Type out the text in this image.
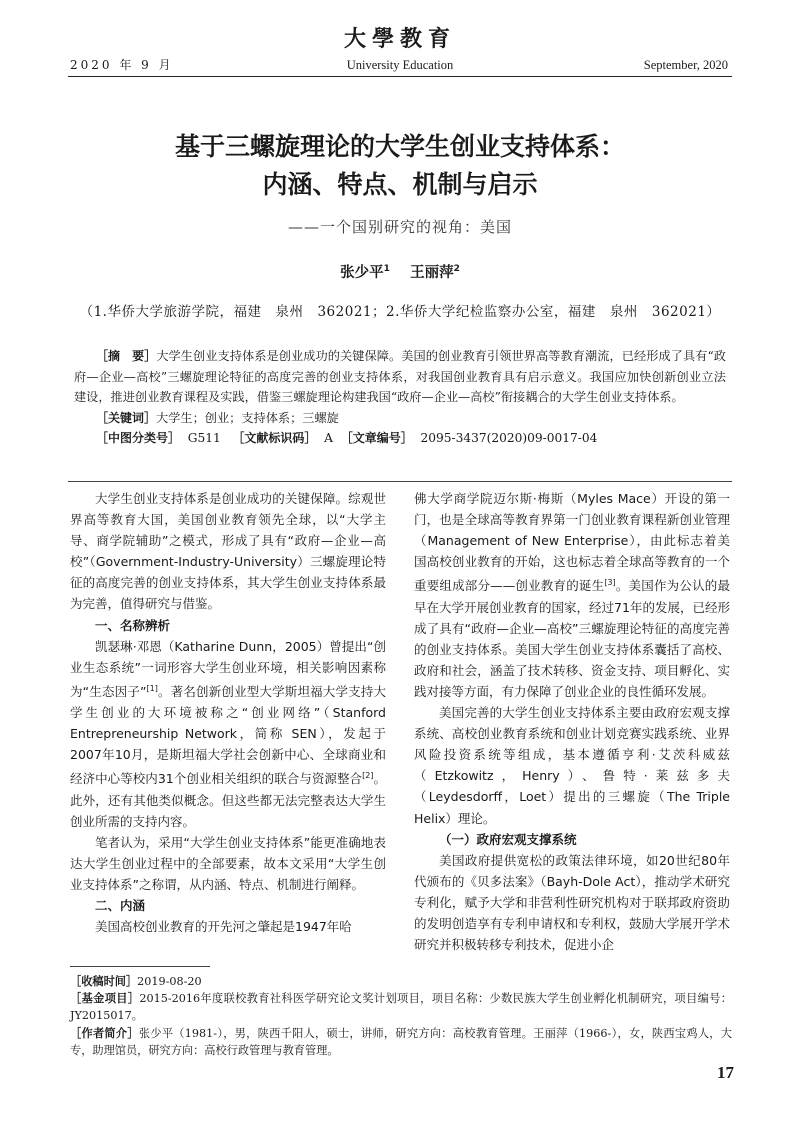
大學教育
2020 年 9 月	University Education	September, 2020
基于三螺旋理论的大学生创业支持体系：
内涵、特点、机制与启示
——一个国别研究的视角：美国
张少平$^1$ 王丽萍$^2$
（1.华侨大学旅游学院，福建　泉州　362021；2.华侨大学纪检监察办公室，福建　泉州　362021）

［摘　要］大学生创业支持体系是创业成功的关键保障。美国的创业教育引领世界高等教育潮流，已经形成了具有“政府—企业—高校”三螺旋理论特征的高度完善的创业支持体系，对我国创业教育具有启示意义。我国应加快创新创业立法建设，推进创业教育课程及实践，借鉴三螺旋理论构建我国“政府—企业—高校”衔接耦合的大学生创业支持体系。

［关键词］大学生；创业；支持体系；三螺旋

［中图分类号］ G511 ［文献标识码］ A ［文章编号］ 2095-3437(2020)09-0017-04

大学生创业支持体系是创业成功的关键保障。综观世界高等教育大国，美国创业教育领先全球，以“大学主导、商学院辅助”之模式，形成了具有“政府—企业—高校”（Government-Industry-University）三螺旋理论特征的高度完善的创业支持体系，其大学生创业支持体系最为完善，值得研究与借鉴。

一、名称辨析

凯瑟琳·邓恩（Katharine Dunn，2005）曾提出“创业生态系统”一词形容大学生创业环境，相关影响因素称为“生态因子”[1]。著名创新创业型大学斯坦福大学支持大学生创业的大环境被称之“创业网络”（Stanford Entrepreneurship Network，简称 SEN），发起于2007年10月，是斯坦福大学社会创新中心、全球商业和经济中心等校内31个创业相关组织的联合与资源整合[2]。此外，还有其他类似概念。但这些都无法完整表达大学生创业所需的支持内容。

笔者认为，采用“大学生创业支持体系”能更准确地表达大学生创业过程中的全部要素，故本文采用“大学生创业支持体系”之称谓，从内涵、特点、机制进行阐释。

二、内涵

美国高校创业教育的开先河之肇起是1947年哈

佛大学商学院迈尔斯·梅斯（Myles Mace）开设的第一门，也是全球高等教育界第一门创业教育课程新创业管理（Management of New Enterprise），由此标志着美国高校创业教育的开始，这也标志着全球高等教育的一个重要组成部分——创业教育的诞生[3]。美国作为公认的最早在大学开展创业教育的国家，经过71年的发展，已经形成了具有“政府—企业—高校”三螺旋理论特征的高度完善的创业支持体系。美国大学生创业支持体系囊括了高校、政府和社会，涵盖了技术转移、资金支持、项目孵化、实践对接等方面，有力保障了创业企业的良性循环发展。

美国完善的大学生创业支持体系主要由政府宏观支撑系统、高校创业教育系统和创业计划竞赛实践系统、业界风险投资系统等组成，基本遵循亨利·艾茨科威兹（Etzkowitz，Henry）、鲁特·莱兹多夫（Leydesdorff，Loet）提出的三螺旋（The Triple Helix）理论。

（一）政府宏观支撑系统

美国政府提供宽松的政策法律环境，如20世纪80年代颁布的《贝多法案》（Bayh-Dole Act），推动学术研究专利化，赋予大学和非营利性研究机构对于联邦政府资助的发明创造享有专利申请权和专利权，鼓励大学展开学术研究并积极转移专利技术，促进小企

［收稿时间］2019-08-20

［基金项目］2015-2016年度联校教育社科医学研究论文奖计划项目，项目名称：少数民族大学生创业孵化机制研究，项目编号：JY2015017。

［作者简介］张少平（1981-），男，陕西千阳人，硕士，讲师，研究方向：高校教育管理。王丽萍（1966-），女，陕西宝鸡人，大专，助理馆员，研究方向：高校行政管理与教育管理。

17
